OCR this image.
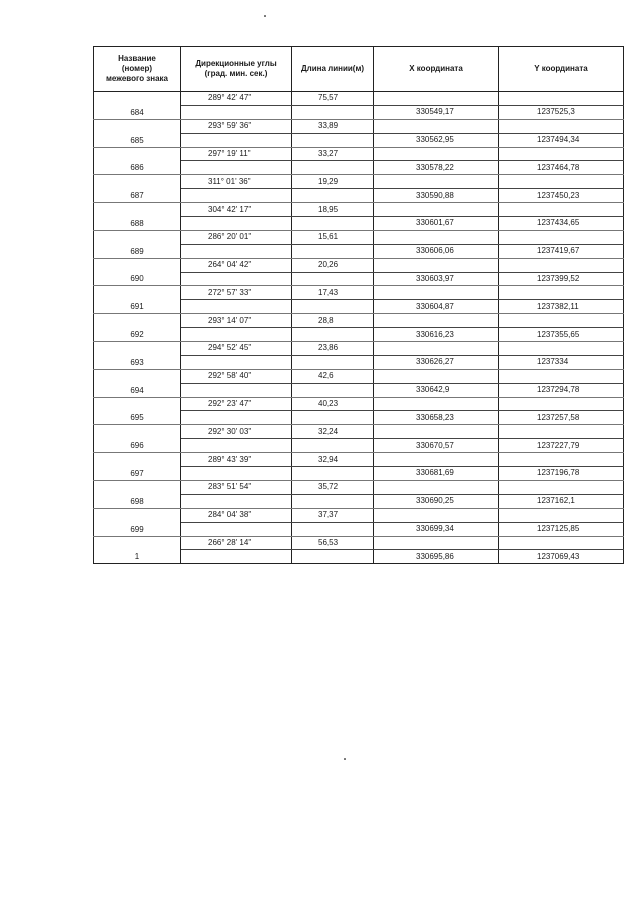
Название
(номер)
межевого знака	Дирекционные углы
(град. мин. сек.)	Длина линии(м)	X координата	Y координата
	289° 42' 47"	75,57		
684			330549,17	1237525,3
	293° 59' 36"	33,89		
685			330562,95	1237494,34
	297° 19' 11"	33,27		
686			330578,22	1237464,78
	311° 01' 36"	19,29		
687			330590,88	1237450,23
	304° 42' 17"	18,95		
688			330601,67	1237434,65
	286° 20' 01"	15,61		
689			330606,06	1237419,67
	264° 04' 42"	20,26		
690			330603,97	1237399,52
	272° 57' 33"	17,43		
691			330604,87	1237382,11
	293° 14' 07"	28,8		
692			330616,23	1237355,65
	294° 52' 45"	23,86		
693			330626,27	1237334
	292° 58' 40"	42,6		
694			330642,9	1237294,78
	292° 23' 47"	40,23		
695			330658,23	1237257,58
	292° 30' 03"	32,24		
696			330670,57	1237227,79
	289° 43' 39"	32,94		
697			330681,69	1237196,78
	283° 51' 54"	35,72		
698			330690,25	1237162,1
	284° 04' 38"	37,37		
699			330699,34	1237125,85
	266° 28' 14"	56,53		
1			330695,86	1237069,43
